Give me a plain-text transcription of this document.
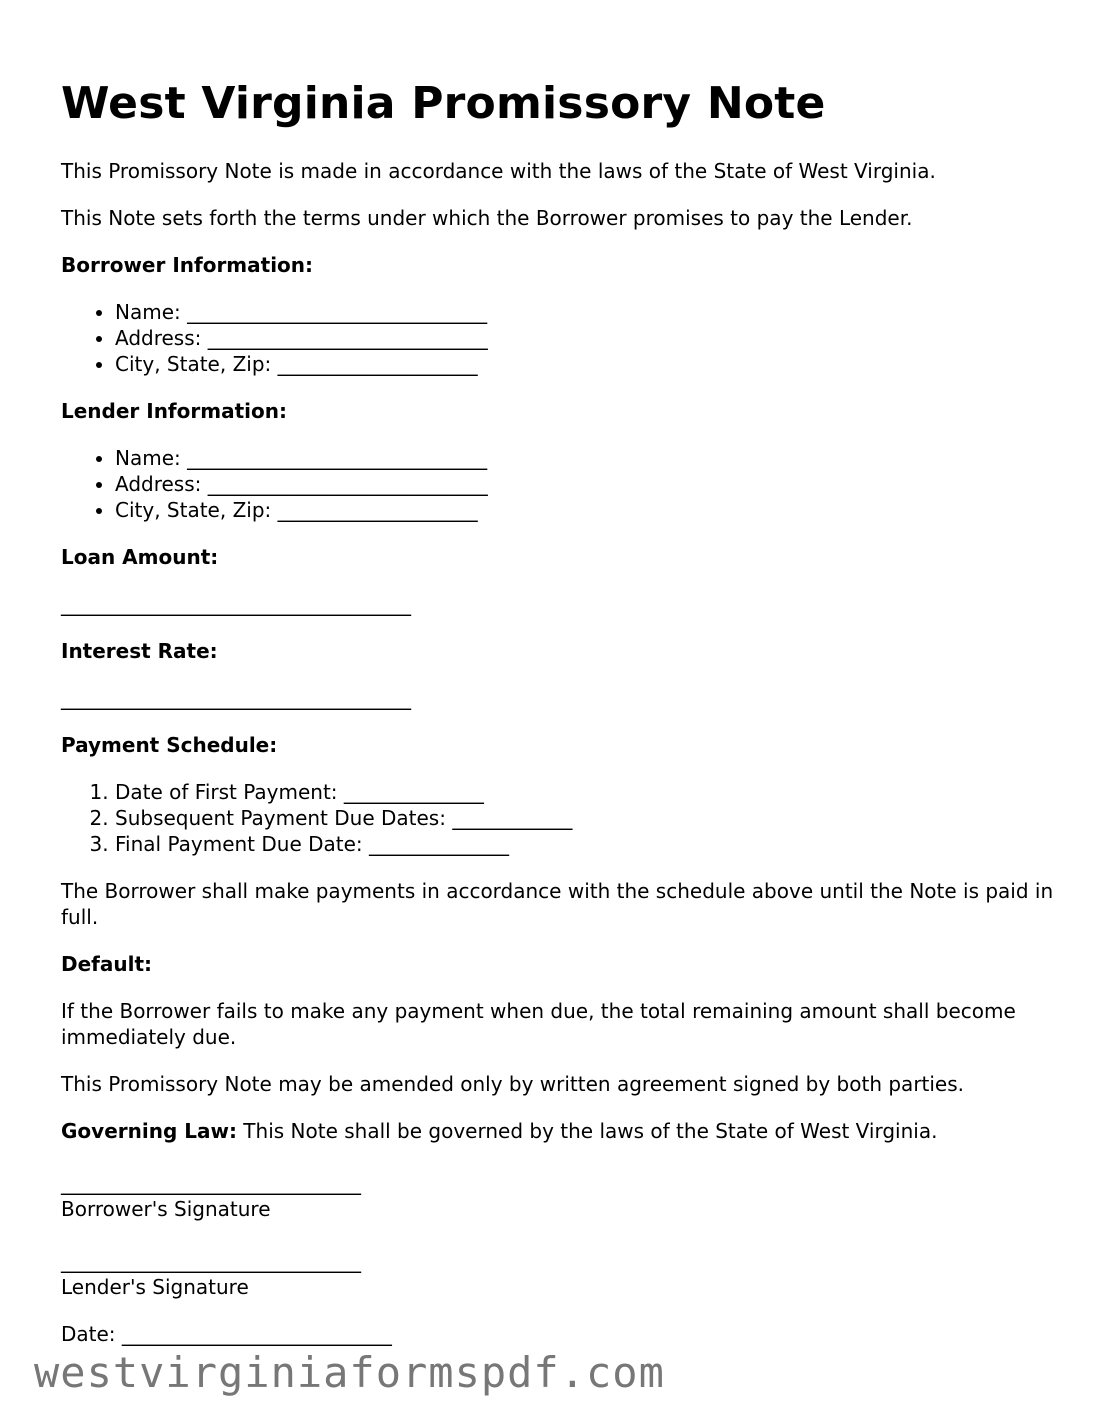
West Virginia Promissory Note

This Promissory Note is made in accordance with the laws of the State of West Virginia.

This Note sets forth the terms under which the Borrower promises to pay the Lender.

Borrower Information:
• Name: ______________________________
• Address: ____________________________
• City, State, Zip: ____________________
Lender Information:
• Name: ______________________________
• Address: ____________________________
• City, State, Zip: ____________________
Loan Amount:

___________________________________

Interest Rate:

___________________________________

Payment Schedule:
1. Date of First Payment: ______________
2. Subsequent Payment Due Dates: ____________
3. Final Payment Due Date: ______________

The Borrower shall make payments in accordance with the schedule above until the Note is paid in full.

Default:

If the Borrower fails to make any payment when due, the total remaining amount shall become immediately due.

This Promissory Note may be amended only by written agreement signed by both parties.

Governing Law: This Note shall be governed by the laws of the State of West Virginia.

______________________________

Borrower's Signature

______________________________

Lender's Signature

Date: ___________________________

westvirginiaformspdf.com
